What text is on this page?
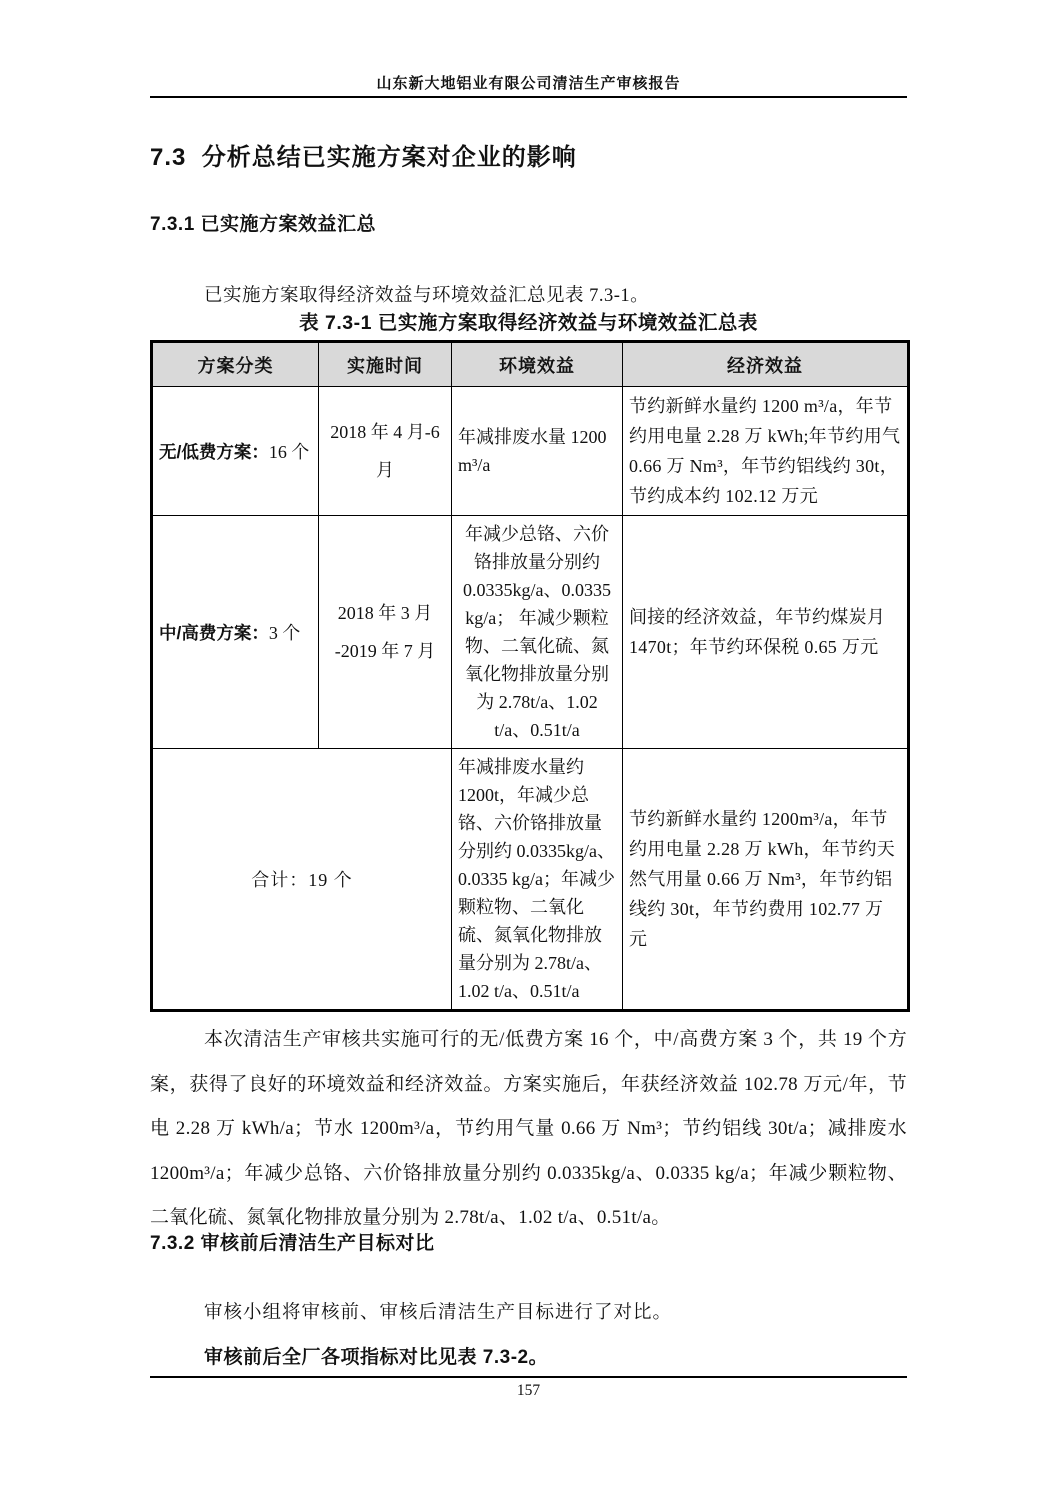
山东新大地铝业有限公司清洁生产审核报告
7.3  分析总结已实施方案对企业的影响
7.3.1 已实施方案效益汇总

已实施方案取得经济效益与环境效益汇总见表 7.3-1。

表 7.3-1 已实施方案取得经济效益与环境效益汇总表
方案分类	实施时间	环境效益	经济效益
无/低费方案：16 个	2018 年 4 月-6 月	年减排废水量 1200 m³/a	节约新鲜水量约 1200 m³/a，年节约用电量 2.28 万 kWh;年节约用气 0.66 万 Nm³，年节约铝线约 30t，节约成本约 102.12 万元
中/高费方案：3 个	2018 年 3 月 -2019 年 7 月	年减少总铬、六价铬排放量分别约 0.0335kg/a、0.0335 kg/a； 年减少颗粒物、二氧化硫、氮氧化物排放量分别为 2.78t/a、1.02 t/a、0.51t/a	间接的经济效益，年节约煤炭月 1470t；年节约环保税 0.65 万元
合计：19 个		年减排废水量约 1200t，年减少总铬、六价铬排放量分别约 0.0335kg/a、0.0335 kg/a；年减少颗粒物、二氧化硫、氮氧化物排放量分别为 2.78t/a、1.02 t/a、0.51t/a	节约新鲜水量约 1200m³/a，年节约用电量 2.28 万 kWh，年节约天然气用量 0.66 万 Nm³，年节约铝线约 30t，年节约费用 102.77 万元

本次清洁生产审核共实施可行的无/低费方案 16 个，中/高费方案 3 个，共 19 个方案，获得了良好的环境效益和经济效益。方案实施后，年获经济效益 102.78 万元/年，节电 2.28 万 kWh/a；节水 1200m³/a，节约用气量 0.66 万 Nm³；节约铝线 30t/a；减排废水 1200m³/a；年减少总铬、六价铬排放量分别约 0.0335kg/a、0.0335 kg/a；年减少颗粒物、二氧化硫、氮氧化物排放量分别为 2.78t/a、1.02 t/a、0.51t/a。

7.3.2 审核前后清洁生产目标对比

审核小组将审核前、审核后清洁生产目标进行了对比。

审核前后全厂各项指标对比见表 7.3-2。

157
